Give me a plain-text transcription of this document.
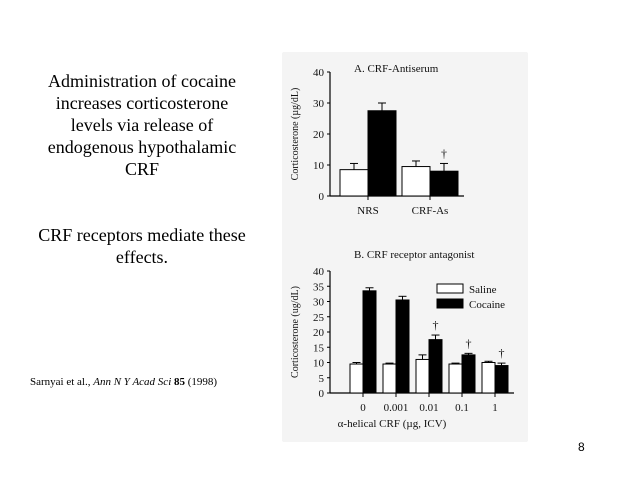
Administration of cocaine
increases corticosterone
levels via release of
endogenous hypothalamic
CRF
CRF receptors mediate these
effects.
Sarnyai et al., Ann N Y Acad Sci 85 (1998)
8
A. CRF-Antiserum
0
10
20
30
40
Corticosterone (µg/dL)
NRS	CRF-As
†
B. CRF receptor antagonist
0
5
10
15
20
25
30
35
40
Corticosterone (ug/dL)
0 0.001 0.01 0.1 1
†
†
†
α-helical CRF (µg, ICV)
Saline
Cocaine
